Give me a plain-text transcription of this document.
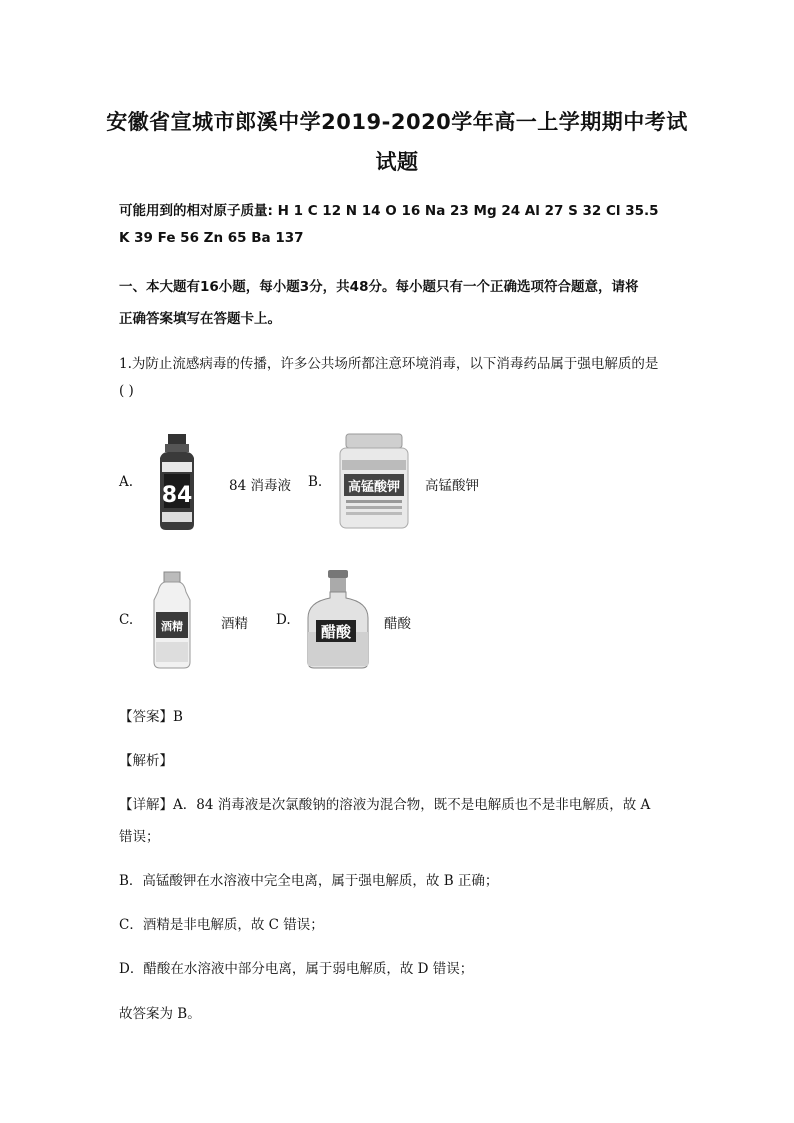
安徽省宣城市郎溪中学2019-2020学年高一上学期期中考试
试题
可能用到的相对原子质量: H 1 C 12 N 14 O 16 Na 23 Mg 24 Al 27 S 32 Cl 35.5
K 39 Fe 56 Zn 65 Ba 137
一、本大题有16小题，每小题3分，共48分。每小题只有一个正确选项符合题意，请将
正确答案填写在答题卡上。
1.为防止流感病毒的传播，许多公共场所都注意环境消毒，以下消毒药品属于强电解质的是
( )
A.
84	84 消毒液 B. 高锰酸钾 高锰酸钾
C.	酒精	酒精 D.
醋酸 醋酸
【答案】B
【解析】
【详解】A．84 消毒液是次氯酸钠的溶液为混合物，既不是电解质也不是非电解质，故 A
错误；
B．高锰酸钾在水溶液中完全电离，属于强电解质，故 B 正确；
C．酒精是非电解质，故 C 错误；
D．醋酸在水溶液中部分电离，属于弱电解质，故 D 错误；
故答案为 B。
